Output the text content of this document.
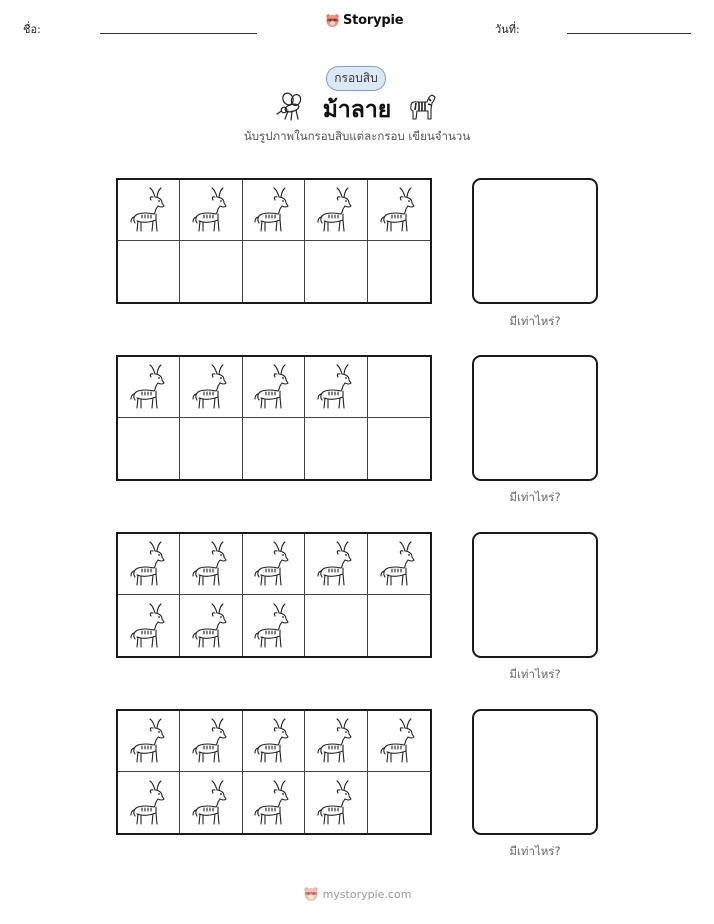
ชื่อ:
Storypie
วันที่:
กรอบสิบ
ม้าลาย
นับรูปภาพในกรอบสิบแต่ละกรอบ เขียนจำนวน
มีเท่าไหร่?
มีเท่าไหร่?
มีเท่าไหร่?
มีเท่าไหร่?
mystorypie.com
